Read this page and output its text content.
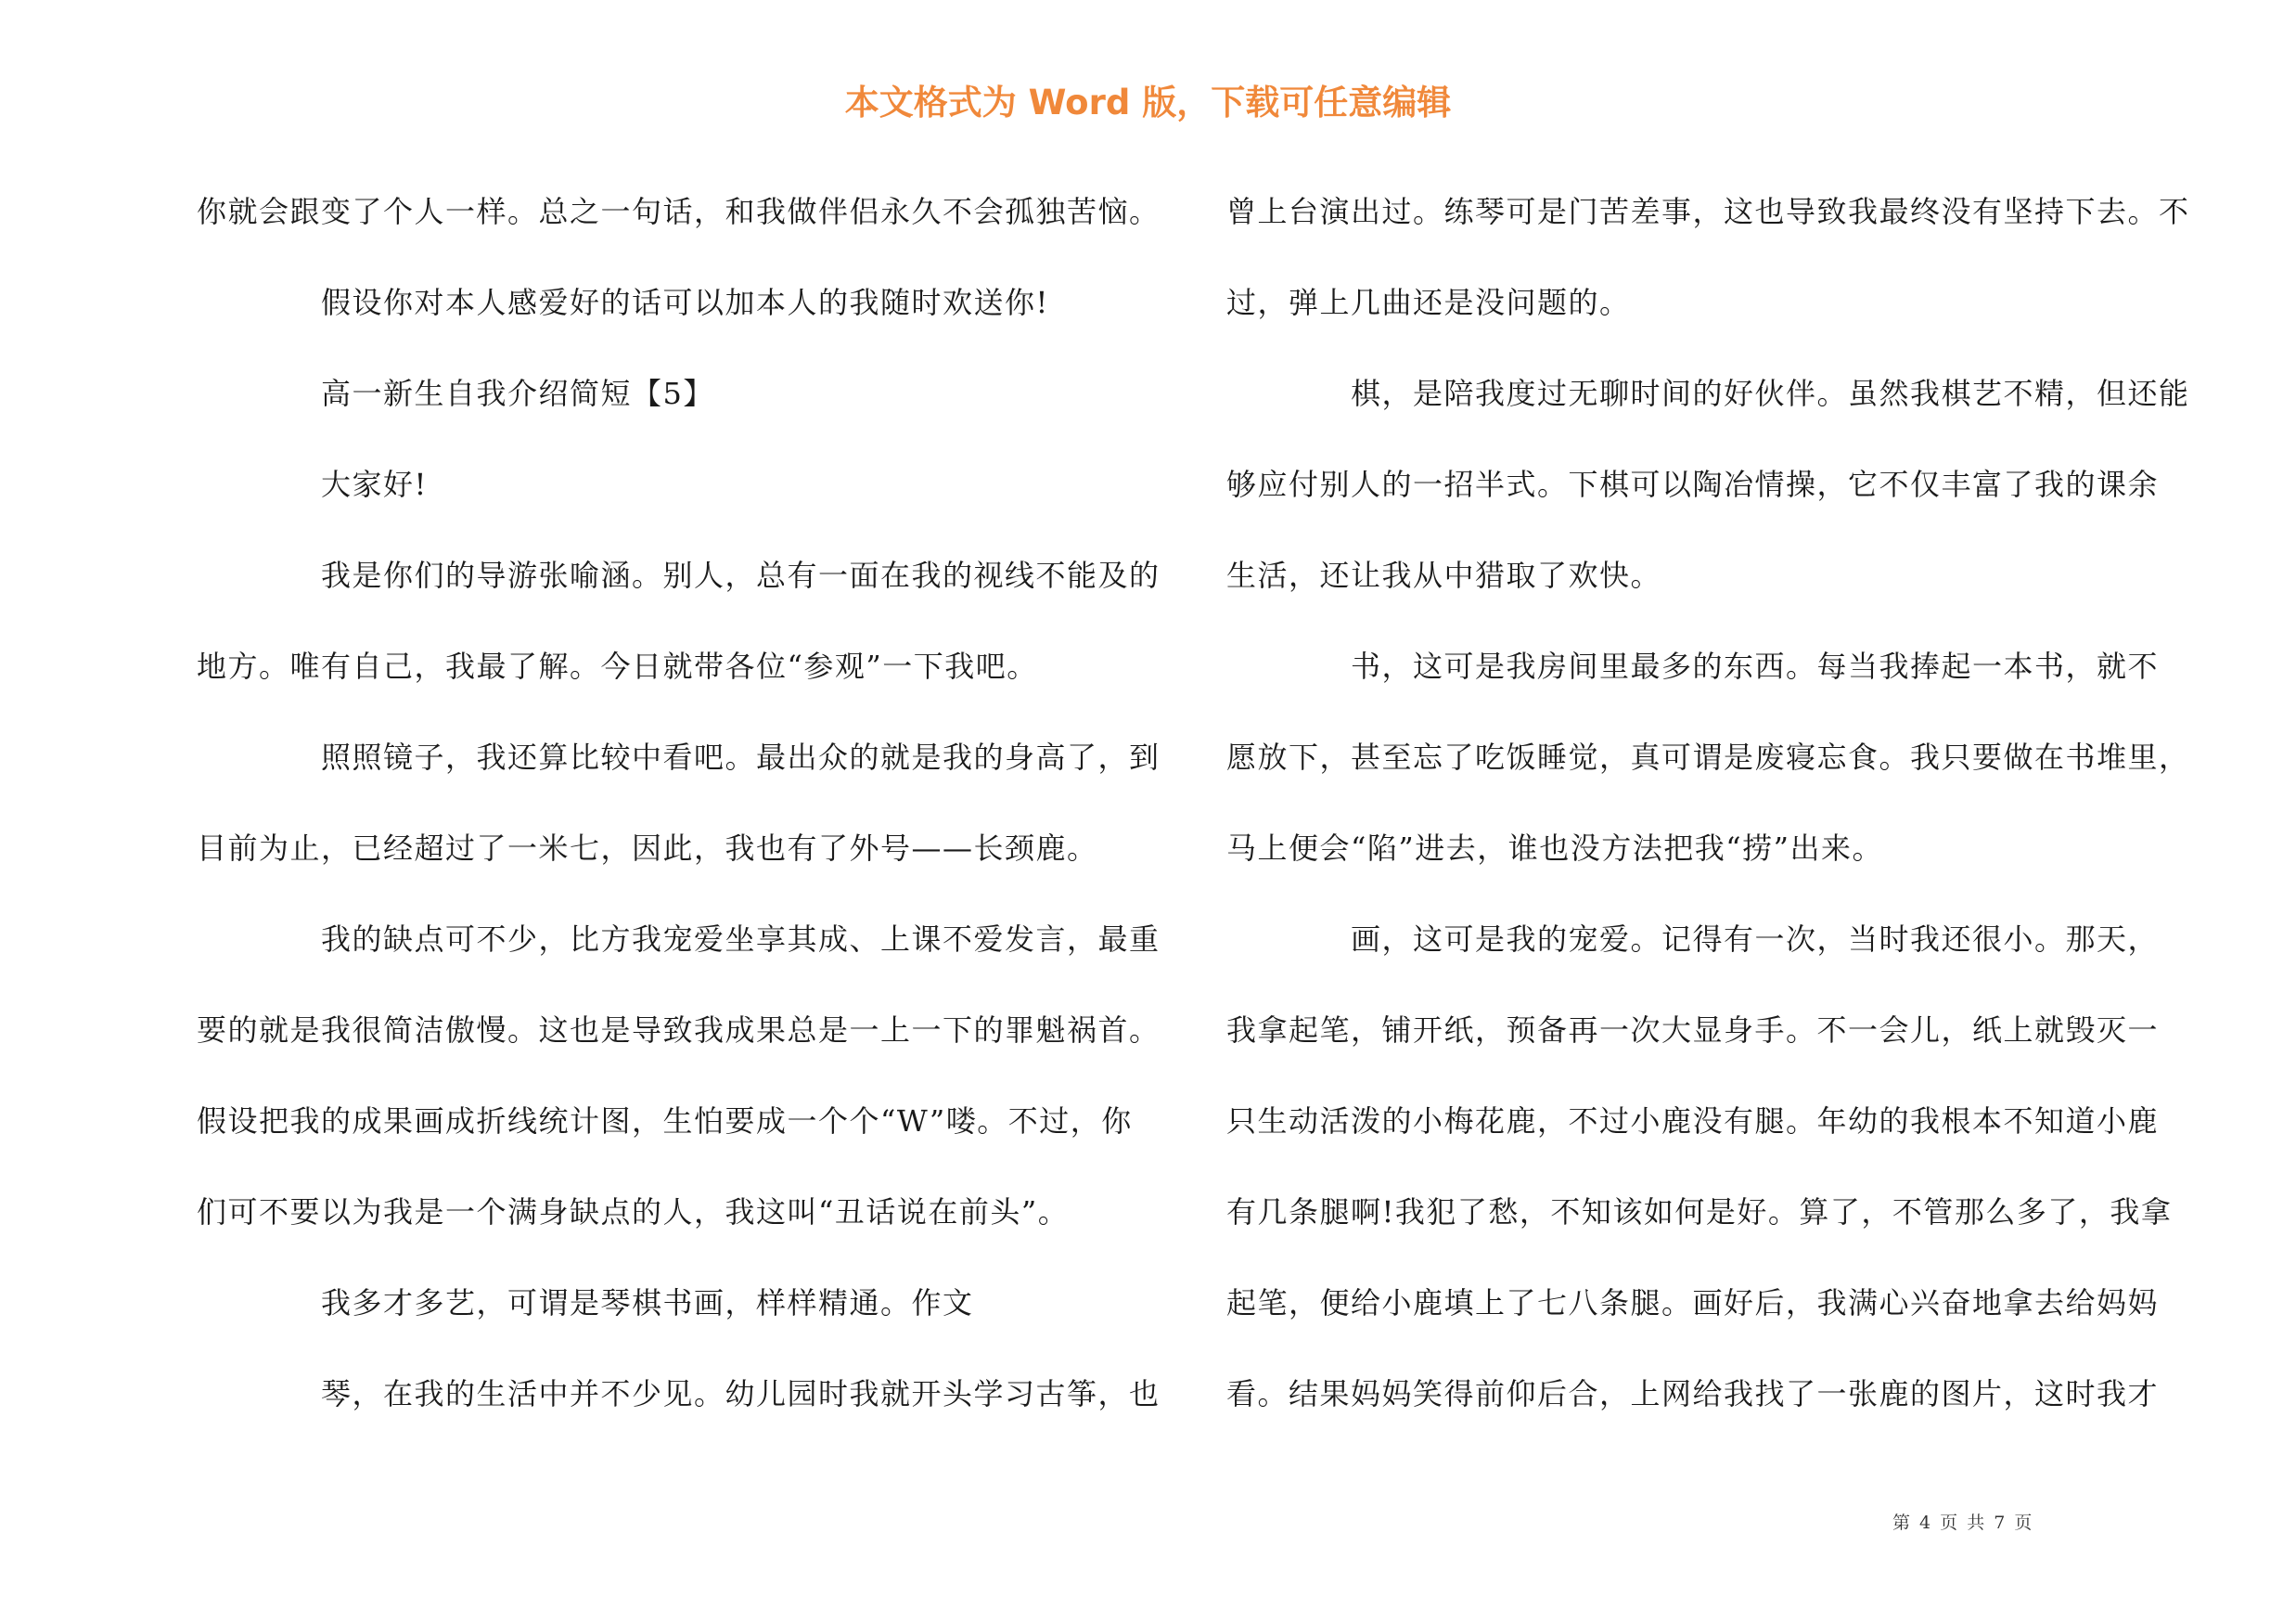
本文格式为 Word 版，下载可任意编辑
你就会跟变了个人一样。总之一句话，和我做伴侣永久不会孤独苦恼。
假设你对本人感爱好的话可以加本人的我随时欢送你!
高一新生自我介绍简短【5】
大家好!
我是你们的导游张喻涵。别人，总有一面在我的视线不能及的
地方。唯有自己，我最了解。今日就带各位“参观”一下我吧。
照照镜子，我还算比较中看吧。最出众的就是我的身高了，到
目前为止，已经超过了一米七，因此，我也有了外号——长颈鹿。
我的缺点可不少，比方我宠爱坐享其成、上课不爱发言，最重
要的就是我很简洁傲慢。这也是导致我成果总是一上一下的罪魁祸首。
假设把我的成果画成折线统计图，生怕要成一个个“W”喽。不过，你
们可不要以为我是一个满身缺点的人，我这叫“丑话说在前头”。
我多才多艺，可谓是琴棋书画，样样精通。作文
琴，在我的生活中并不少见。幼儿园时我就开头学习古筝，也
曾上台演出过。练琴可是门苦差事，这也导致我最终没有坚持下去。不
过，弹上几曲还是没问题的。
棋，是陪我度过无聊时间的好伙伴。虽然我棋艺不精，但还能
够应付别人的一招半式。下棋可以陶冶情操，它不仅丰富了我的课余
生活，还让我从中猎取了欢快。
书，这可是我房间里最多的东西。每当我捧起一本书，就不
愿放下，甚至忘了吃饭睡觉，真可谓是废寝忘食。我只要做在书堆里，
马上便会“陷”进去，谁也没方法把我“捞”出来。
画，这可是我的宠爱。记得有一次，当时我还很小。那天，
我拿起笔，铺开纸，预备再一次大显身手。不一会儿，纸上就毁灭一
只生动活泼的小梅花鹿，不过小鹿没有腿。年幼的我根本不知道小鹿
有几条腿啊!我犯了愁，不知该如何是好。算了，不管那么多了，我拿
起笔，便给小鹿填上了七八条腿。画好后，我满心兴奋地拿去给妈妈
看。结果妈妈笑得前仰后合，上网给我找了一张鹿的图片，这时我才
第 4 页 共 7 页
